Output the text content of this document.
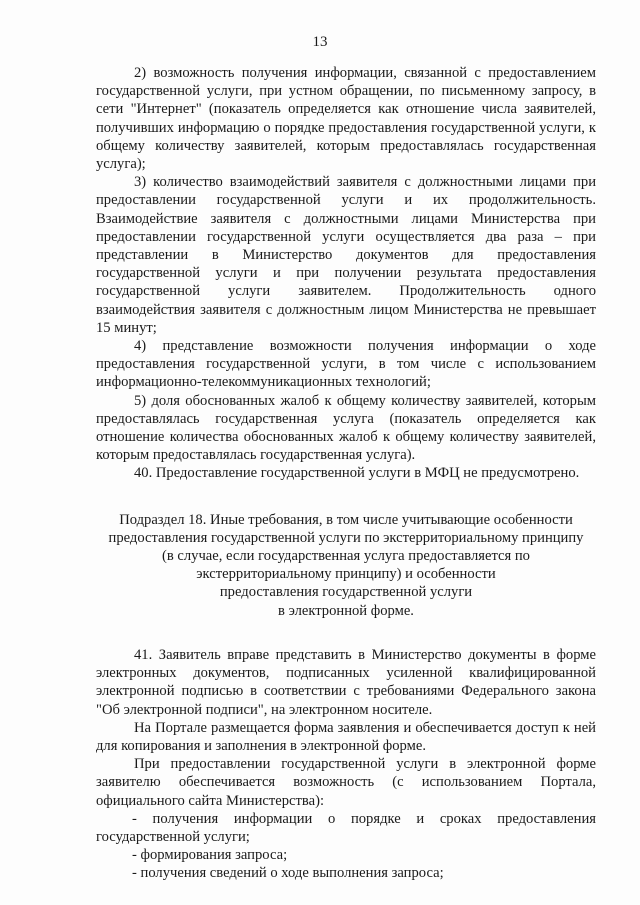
13

2) возможность получения информации, связанной с предоставлением государственной услуги, при устном обращении, по письменному запросу, в сети "Интернет" (показатель определяется как отношение числа заявителей, получивших информацию о порядке предоставления государственной услуги, к общему количеству заявителей, которым предоставлялась государственная услуга);

3) количество взаимодействий заявителя с должностными лицами при предоставлении государственной услуги и их продолжительность. Взаимодействие заявителя с должностными лицами Министерства при предоставлении государственной услуги осуществляется два раза – при представлении в Министерство документов для предоставления государственной услуги и при получении результата предоставления государственной услуги заявителем. Продолжительность одного взаимодействия заявителя с должностным лицом Министерства не превышает 15 минут;

4) представление возможности получения информации о ходе предоставления государственной услуги, в том числе с использованием информационно-телекоммуникационных технологий;

5) доля обоснованных жалоб к общему количеству заявителей, которым предоставлялась государственная услуга (показатель определяется как отношение количества обоснованных жалоб к общему количеству заявителей, которым предоставлялась государственная услуга).

40. Предоставление государственной услуги в МФЦ не предусмотрено.

Подраздел 18. Иные требования, в том числе учитывающие особенности
предоставления государственной услуги по экстерриториальному принципу
(в случае, если государственная услуга предоставляется по
экстерриториальному принципу) и особенности
предоставления государственной услуги
в электронной форме.

41. Заявитель вправе представить в Министерство документы в форме электронных документов, подписанных усиленной квалифицированной электронной подписью в соответствии с требованиями Федерального закона "Об электронной подписи", на электронном носителе.

На Портале размещается форма заявления и обеспечивается доступ к ней для копирования и заполнения в электронной форме.

При предоставлении государственной услуги в электронной форме заявителю обеспечивается возможность (с использованием Портала, официального сайта Министерства):

- получения информации о порядке и сроках предоставления государственной услуги;

- формирования запроса;

- получения сведений о ходе выполнения запроса;
